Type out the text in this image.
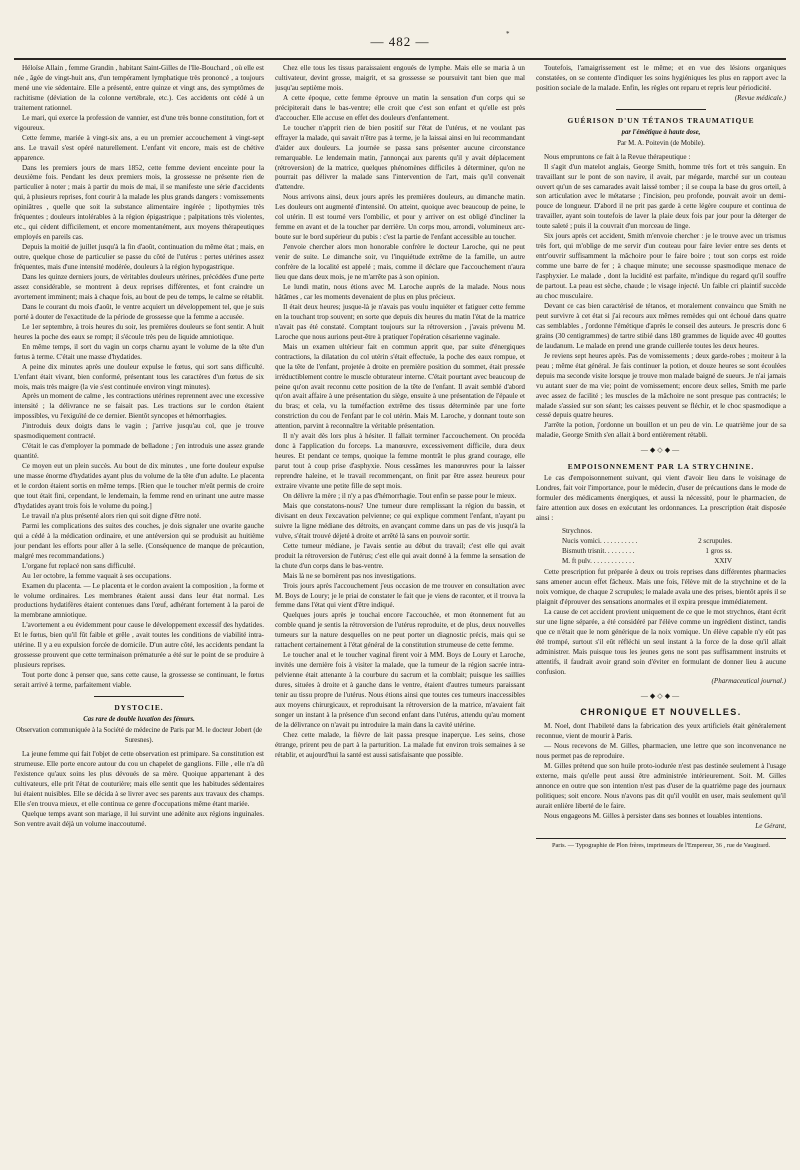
— 482 —	*

Héloïse Allain , femme Grandin , habitant Saint-Gilles de l'Ile-Bouchard , où elle est née , âgée de vingt-huit ans, d'un tempérament lymphatique très prononcé , a toujours mené une vie sédentaire. Elle a présenté, entre quinze et vingt ans, des symptômes de rachitisme (déviation de la colonne vertébrale, etc.). Ces accidents ont cédé à un traitement rationnel.

Le mari, qui exerce la profession de vannier, est d'une très bonne constitution, fort et vigoureux.

Cette femme, mariée à vingt-six ans, a eu un premier accouchement à vingt-sept ans. Le travail s'est opéré naturellement. L'enfant vit encore, mais est de chétive apparence.

Dans les premiers jours de mars 1852, cette femme devient enceinte pour la deuxième fois. Pendant les deux premiers mois, la grossesse ne présente rien de particulier à noter ; mais à partir du mois de mai, il se manifeste une série d'accidents qui, à plusieurs reprises, font courir à la malade les plus grands dangers : vomissements opiniâtres , quelle que soit la substance alimentaire ingérée ; lipothymies très fréquentes ; douleurs intolérables à la région épigastrique ; palpitations très violentes, etc., qui cèdent difficilement, et encore momentanément, aux moyens thérapeutiques employés en pareils cas.

Depuis la moitié de juillet jusqu'à la fin d'août, continuation du même état ; mais, en outre, quelque chose de particulier se passe du côté de l'utérus : pertes utérines assez fréquentes, mais d'une intensité modérée, douleurs à la région hypogastrique.

Dans les quinze derniers jours, de véritables douleurs utérines, précédées d'une perte assez considérable, se montrent à deux reprises différentes, et font craindre un avortement imminent; mais à chaque fois, au bout de peu de temps, le calme se rétablit.

Dans le courant du mois d'août, le ventre acquiert un développement tel, que je suis porté à douter de l'exactitude de la période de grossesse que la femme a accusée.

Le 1er septembre, à trois heures du soir, les premières douleurs se font sentir. A huit heures la poche des eaux se rompt; il s'écoule très peu de liquide amniotique.

En même temps, il sort du vagin un corps charnu ayant le volume de la tête d'un fœtus à terme. C'était une masse d'hydatides.

A peine dix minutes après une douleur expulse le fœtus, qui sort sans difficulté. L'enfant était vivant, bien conformé, présentant tous les caractères d'un fœtus de six mois, mais très maigre (la vie s'est continuée environ vingt minutes).

Après un moment de calme , les contractions utérines reprennent avec une excessive intensité ; la délivrance ne se faisait pas. Les tractions sur le cordon étaient impossibles, vu l'exiguïté de ce dernier. Bientôt syncopes et hémorrhagies.

J'introduis deux doigts dans le vagin ; j'arrive jusqu'au col, que je trouve spasmodiquement contracté.

C'était le cas d'employer la pommade de belladone ; j'en introduis une assez grande quantité.

Ce moyen eut un plein succès. Au bout de dix minutes , une forte douleur expulse une masse énorme d'hydatides ayant plus du volume de la tête d'un adulte. Le placenta et le cordon étaient sortis en même temps. [Rien que le toucher m'eût permis de croire que tout était fini, cependant, le lendemain, la femme rend en urinant une autre masse d'hydatides ayant trois fois le volume du poing.]

Le travail n'a plus présenté alors rien qui soit digne d'être noté.

Parmi les complications des suites des couches, je dois signaler une ovarite gauche qui a cédé à la médication ordinaire, et une antéversion qui se produisit au huitième jour pendant les efforts pour aller à la selle. (Conséquence de manque de précaution, malgré mes recommandations.)

L'organe fut replacé non sans difficulté.

Au 1er octobre, la femme vaquait à ses occupations.

Examen du placenta. — Le placenta et le cordon avaient la composition , la forme et le volume ordinaires. Les membranes étaient aussi dans leur état normal. Les productions hydatifères étaient contenues dans l'œuf, adhérant fortement à la paroi de la membrane amniotique.

L'avortement a eu évidemment pour cause le développement excessif des hydatides. Et le fœtus, bien qu'il fût faible et grêle , avait toutes les conditions de viabilité intra-utérine. Il y a eu expulsion forcée de domicile. D'un autre côté, les accidents pendant la grossesse prouvent que cette terminaison prématurée a été sur le point de se produire à plusieurs reprises.

Tout porte donc à penser que, sans cette cause, la grossesse se continuant, le fœtus serait arrivé à terme, parfaitement viable.

DYSTOCIE.
Cas rare de double luxation des fémurs.
Observation communiquée à la Société de médecine de Paris par M. le docteur Jobert (de Suresnes).

La jeune femme qui fait l'objet de cette observation est primipare. Sa constitution est strumeuse. Elle porte encore autour du cou un chapelet de ganglions. Fille , elle n'a dû l'existence qu'aux soins les plus dévoués de sa mère. Quoique appartenant à des cultivateurs, elle prit l'état de couturière; mais elle sentit que les habitudes sédentaires lui étaient nuisibles. Elle se décida à se livrer avec ses parents aux travaux des champs. Elle s'en trouva mieux, et elle continua ce genre d'occupations même étant mariée.

Quelque temps avant son mariage, il lui survint une adénite aux régions inguinales. Son ventre avait déjà un volume inaccoutumé.

Chez elle tous les tissus paraissaient engoués de lymphe. Mais elle se maria à un cultivateur, devint grosse, maigrit, et sa grossesse se poursuivit tant bien que mal jusqu'au septième mois.

A cette époque, cette femme éprouve un matin la sensation d'un corps qui se précipiterait dans le bas-ventre; elle croit que c'est son enfant et qu'elle est près d'accoucher. Elle accuse en effet des douleurs d'enfantement.

Le toucher n'apprit rien de bien positif sur l'état de l'utérus, et ne voulant pas effrayer la malade, qui savait n'être pas à terme, je la laissai ainsi en lui recommandant d'aider aux douleurs. La journée se passa sans présenter aucune circonstance remarquable. Le lendemain matin, j'annonçai aux parents qu'il y avait déplacement (rétroversion) de la matrice, quelques phénomènes difficiles à déterminer, qu'on ne pourrait pas délivrer la malade sans l'intervention de l'art, mais qu'il convenait d'attendre.

Nous arrivons ainsi, deux jours après les premières douleurs, au dimanche matin. Les douleurs ont augmenté d'intensité. On atteint, quoique avec beaucoup de peine, le col utérin. Il est tourné vers l'ombilic, et pour y arriver on est obligé d'incliner la femme en avant et de la toucher par derrière. Un corps mou, arrondi, volumineux arc-boute sur le bord supérieur du pubis : c'est la partie de l'enfant accessible au toucher.

J'envoie chercher alors mon honorable confrère le docteur Laroche, qui ne peut venir de suite. Le dimanche soir, vu l'inquiétude extrême de la famille, un autre confrère de la localité est appelé ; mais, comme il déclare que l'accouchement n'aura lieu que dans deux mois, je ne m'arrête pas à son opinion.

Le lundi matin, nous étions avec M. Laroche auprès de la malade. Nous nous hâtâmes , car les moments devenaient de plus en plus précieux.

Il était deux heures; jusque-là je n'avais pas voulu inquiéter et fatiguer cette femme en la touchant trop souvent; en sorte que depuis dix heures du matin l'état de la matrice n'avait pas été constaté. Comptant toujours sur la rétroversion , j'avais prévenu M. Laroche que nous aurions peut-être à pratiquer l'opération césarienne vaginale.

Mais un examen ultérieur fait en commun apprit que, par suite d'énergiques contractions, la dilatation du col utérin s'était effectuée, la poche des eaux rompue, et que la tête de l'enfant, projetée à droite en première position du sommet, était pressée irréductiblement contre le muscle obturateur interne. C'était pourtant avec beaucoup de peine qu'on avait reconnu cette position de la tête de l'enfant. Il avait semblé d'abord qu'on avait affaire à une présentation du siège, ensuite à une présentation de l'épaule et du bras; et cela, vu la tuméfaction extrême des tissus déterminée par une forte constriction du cou de l'enfant par le col utérin. Mais M. Laroche, y donnant toute son attention, parvint à reconnaître la véritable présentation.

Il n'y avait dès lors plus à hésiter. Il fallait terminer l'accouchement. On procéda donc à l'application du forceps. La manœuvre, excessivement difficile, dura deux heures. Et pendant ce temps, quoique la femme montrât le plus grand courage, elle parut tout à coup prise d'asphyxie. Nous cessâmes les manœuvres pour la laisser reprendre haleine, et le travail recommençant, on finit par être assez heureux pour extraire vivante une petite fille de sept mois.

On délivre la mère ; il n'y a pas d'hémorrhagie. Tout enfin se passe pour le mieux.

Mais que constatons-nous? Une tumeur dure remplissant la région du bassin, et divisant en deux l'excavation pelvienne; ce qui explique comment l'enfant, n'ayant pu suivre la ligne médiane des détroits, en avançant comme dans un pas de vis jusqu'à la vulve, s'était trouvé déjeté à droite et arrêté là sans en pouvoir sortir.

Cette tumeur médiane, je l'avais sentie au début du travail; c'est elle qui avait produit la rétroversion de l'utérus; c'est elle qui avait donné à la femme la sensation de la chute d'un corps dans le bas-ventre.

Mais là ne se bornèrent pas nos investigations.

Trois jours après l'accouchement j'eus occasion de me trouver en consultation avec M. Boys de Loury; je le priai de constater le fait que je viens de raconter, et il trouva la femme dans l'état qui vient d'être indiqué.

Quelques jours après je touchai encore l'accouchée, et mon étonnement fut au comble quand je sentis la rétroversion de l'utérus reproduite, et de plus, deux nouvelles tumeurs sur la nature desquelles on ne peut porter un diagnostic précis, mais qui se rattachent certainement à l'état général de la constitution strumeuse de cette femme.

Le toucher anal et le toucher vaginal firent voir à MM. Boys de Loury et Laroche, invités une dernière fois à visiter la malade, que la tumeur de la région sacrée intra-pelvienne était attenante à la courbure du sacrum et la comblait; puisque les saillies dures, situées à droite et à gauche dans le ventre, étaient d'autres tumeurs paraissant tenir au tissu propre de l'utérus. Nous étions ainsi que toutes ces tumeurs inaccessibles aux moyens chirurgicaux, et reproduisant la rétroversion de la matrice, m'avaient fait songer un instant à la présence d'un second enfant dans l'utérus, attendu qu'au moment de la délivrance on n'avait pu introduire la main dans la cavité utérine.

Chez cette malade, la fièvre de lait passa presque inaperçue. Les seins, chose étrange, prirent peu de part à la parturition. La malade fut environ trois semaines à se rétablir, et aujourd'hui la santé est aussi satisfaisante que possible.

Toutefois, l'amaigrissement est le même; et en vue des lésions organiques constatées, on se contente d'indiquer les soins hygiéniques les plus en rapport avec la position sociale de la malade. Enfin, les règles ont reparu et repris leur périodicité.

(Revue médicale.)
GUÉRISON D'UN TÉTANOS TRAUMATIQUE
par l'émétique à haute dose,
Par M. A. Poitevin (de Mobile).

Nous empruntons ce fait à la Revue thérapeutique :

Il s'agit d'un matelot anglais, George Smith, homme très fort et très sanguin. En travaillant sur le pont de son navire, il avait, par mégarde, marché sur un couteau ouvert qu'un de ses camarades avait laissé tomber ; il se coupa la base du gros orteil, à son articulation avec le métatarse ; l'incision, peu profonde, pouvait avoir un demi-pouce de longueur. D'abord il ne prit pas garde à cette légère coupure et continua de travailler, ayant soin toutefois de laver la plaie deux fois par jour pour la déterger de toute saleté ; puis il la couvrait d'un morceau de linge.

Six jours après cet accident, Smith m'envoie chercher : je le trouve avec un trismus très fort, qui m'oblige de me servir d'un couteau pour faire levier entre ses dents et entr'ouvrir suffisamment la mâchoire pour le faire boire ; tout son corps est roide comme une barre de fer ; à chaque minute; une secousse spasmodique menace de l'asphyxier. Le malade , dont la lucidité est parfaite, m'indique du regard qu'il souffre de partout. La peau est sèche, chaude ; le visage injecté. Un faible cri plaintif succède au choc musculaire.

Devant ce cas bien caractérisé de tétanos, et moralement convaincu que Smith ne peut survivre à cet état si j'ai recours aux mêmes remèdes qui ont échoué dans quatre cas semblables , j'ordonne l'émétique d'après le conseil des auteurs. Je prescris donc 6 grains (30 centigrammes) de tartre stibié dans 180 grammes de liquide avec 40 gouttes de laudanum. Le malade en prend une grande cuillerée toutes les deux heures.

Je reviens sept heures après. Pas de vomissements ; deux garde-robes ; moiteur à la peau ; même état général. Je fais continuer la potion, et douze heures se sont écoulées depuis ma seconde visite lorsque je trouve mon malade baigné de sueurs. Je n'ai jamais vu autant suer de ma vie; point de vomissement; encore deux selles, Smith me parle avec assez de facilité ; les muscles de la mâchoire ne sont presque pas contractés; le malade s'assied sur son séant; les caisses peuvent se fléchir, et le choc spasmodique a cessé depuis quatre heures.

J'arrête la potion, j'ordonne un bouillon et un peu de vin. Le quatrième jour de sa maladie, George Smith s'en allait à bord entièrement rétabli.

—◆◇◆—
EMPOISONNEMENT PAR LA STRYCHNINE.

Le cas d'empoisonnement suivant, qui vient d'avoir lieu dans le voisinage de Londres, fait voir l'importance, pour le médecin, d'user de précautions dans le mode de formuler des médicaments énergiques, et aussi la nécessité, pour le pharmacien, de faire attention aux doses en exécutant les ordonnances. La prescription était disposée ainsi :

Strychnos.
Nucis vomici. . . . . . . . . . .	2 scrupules.
Bismuth trisnit. . . . . . . . .	1 gros ss.
M. ft pulv. . . . . . . . . . . . .	XXIV

Cette prescription fut préparée à deux ou trois reprises dans différentes pharmacies sans amener aucun effet fâcheux. Mais une fois, l'élève mit de la strychnine et de la noix vomique, de chaque 2 scrupules; le malade avala une des prises, bientôt après il se plaignit d'éprouver des sensations anormales et il expira presque immédiatement.

La cause de cet accident provient uniquement de ce que le mot strychnos, étant écrit sur une ligne séparée, a été considéré par l'élève comme un ingrédient distinct, tandis que ce n'était que le nom générique de la noix vomique. Un élève capable n'y eût pas été trompé, surtout s'il eût réfléchi un seul instant à la force de la dose qu'il allait administrer. Mais puisque tous les jeunes gens ne sont pas suffisamment instruits et attentifs, il faudrait avoir grand soin d'éviter en formulant de donner lieu à aucune confusion.

(Pharmaceutical journal.)
—◆◇◆—
CHRONIQUE ET NOUVELLES.

M. Noel, dont l'habileté dans la fabrication des yeux artificiels était généralement reconnue, vient de mourir à Paris.

— Nous recevons de M. Gilles, pharmacien, une lettre que son inconvenance ne nous permet pas de reproduire.

M. Gilles prétend que son huile proto-iodurée n'est pas destinée seulement à l'usage externe, mais qu'elle peut aussi être administrée intérieurement. Soit. M. Gilles annonce en outre que son intention n'est pas d'user de la quatrième page des journaux politiques; soit encore. Nous n'avons pas dit qu'il voulût en user, mais seulement qu'il aurait enlière liberté de le faire.

Nous engageons M. Gilles à persister dans ses bonnes et louables intentions.

Le Gérant,
Paris. — Typographie de Plon frères, imprimeurs de l'Empereur, 36 , rue de Vaugirard.
